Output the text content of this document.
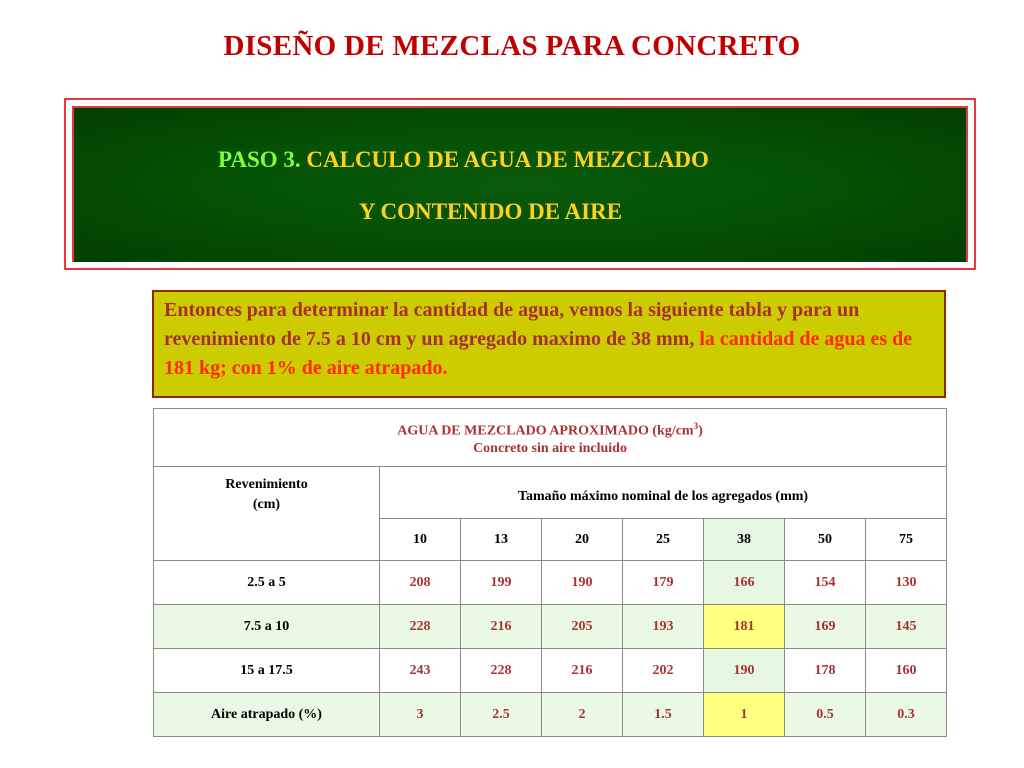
DISEÑO DE MEZCLAS PARA CONCRETO
PASO 3. CALCULO DE AGUA DE MEZCLADO
Y CONTENIDO DE AIRE
Entonces para determinar la cantidad de agua, vemos la siguiente tabla y para un revenimiento de 7.5 a 10 cm y un agregado maximo de 38 mm, la cantidad de agua es de 181 kg; con 1% de aire atrapado.
AGUA DE MEZCLADO APROXIMADO $(kg/cm^3)$
Concreto sin aire incluido							
Revenimiento
(cm)	Tamaño máximo nominal de los agregados (mm)						
	10	13	20	25	38	50	75
2.5 a 5	208	199	190	179	166	154	130
7.5 a 10	228	216	205	193	181	169	145
15 a 17.5	243	228	216	202	190	178	160
Aire atrapado (%)	3	2.5	2	1.5	1	0.5	0.3
